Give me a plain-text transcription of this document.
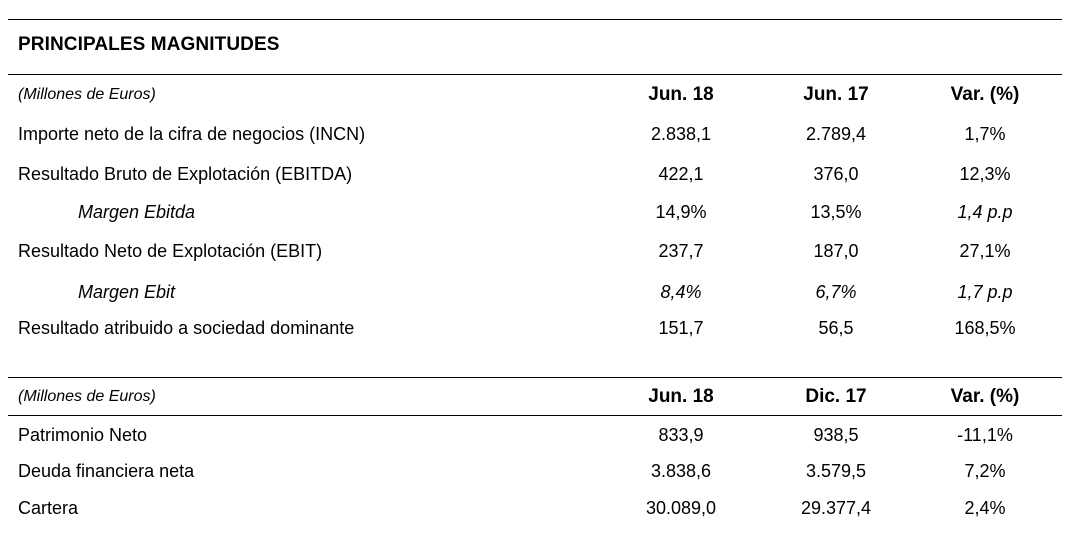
PRINCIPALES MAGNITUDES
(Millones de Euros)	Jun. 18	Jun. 17	Var. (%)
Importe neto de la cifra de negocios (INCN)	2.838,1	2.789,4	1,7%
Resultado Bruto de Explotación (EBITDA)	422,1	376,0	12,3%
Margen Ebitda	14,9%	13,5%	1,4 p.p
Resultado Neto de Explotación (EBIT)	237,7	187,0	27,1%
Margen Ebit	8,4%	6,7%	1,7 p.p
Resultado atribuido a sociedad dominante	151,7	56,5	168,5%
(Millones de Euros)	Jun. 18	Dic. 17	Var. (%)
Patrimonio Neto	833,9	938,5	-11,1%
Deuda financiera neta	3.838,6	3.579,5	7,2%
Cartera	30.089,0	29.377,4	2,4%
